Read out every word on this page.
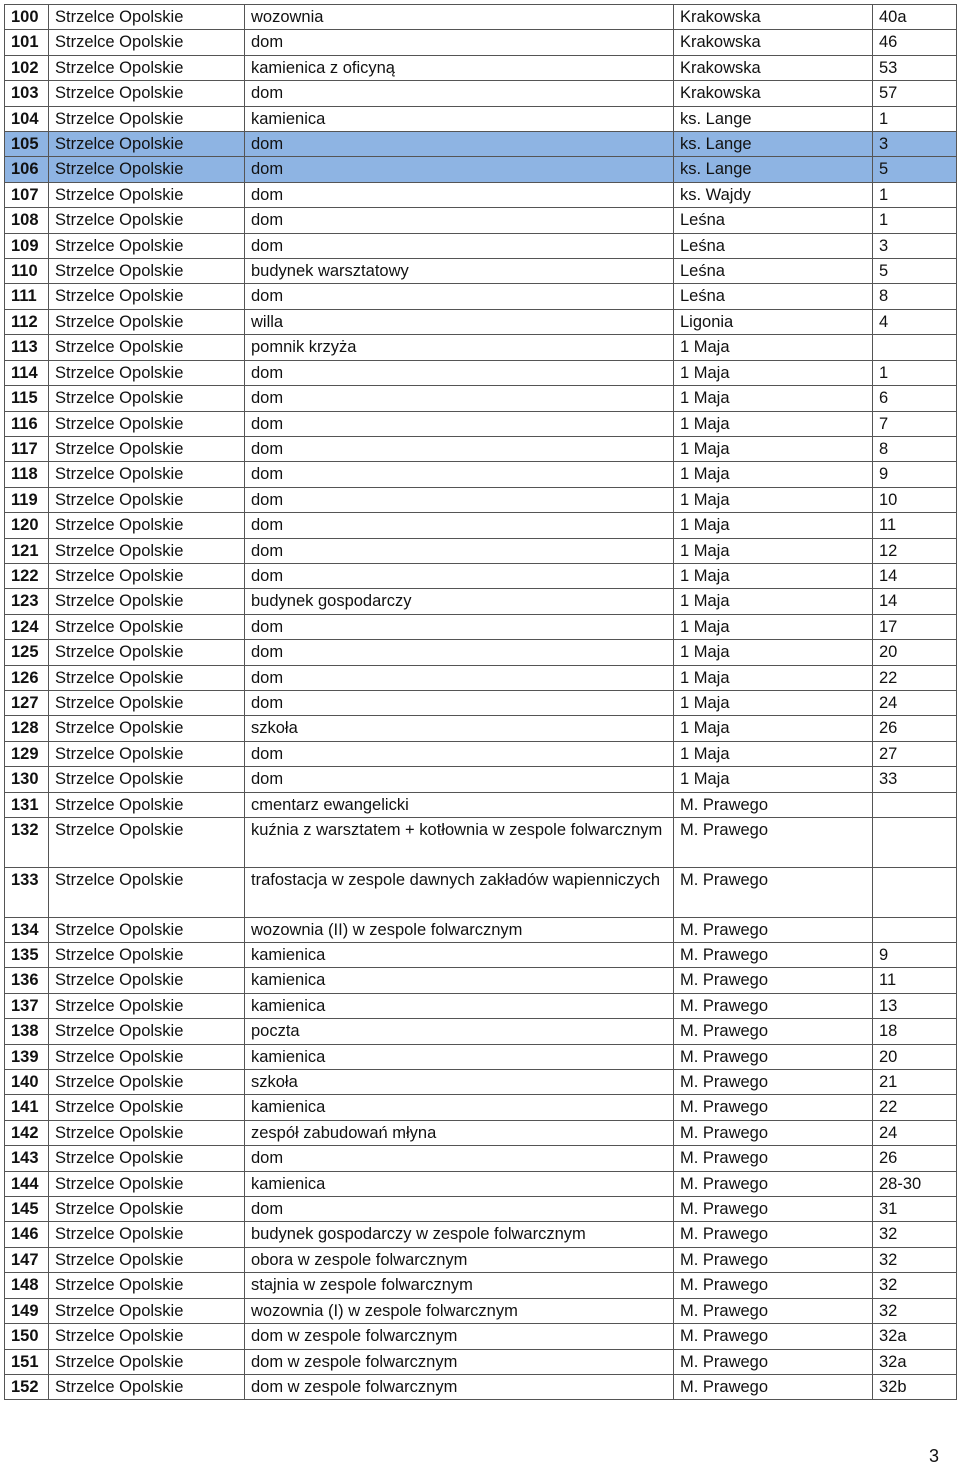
100	Strzelce Opolskie	wozownia	Krakowska	40a
101	Strzelce Opolskie	dom	Krakowska	46
102	Strzelce Opolskie	kamienica z oficyną	Krakowska	53
103	Strzelce Opolskie	dom	Krakowska	57
104	Strzelce Opolskie	kamienica	ks. Lange	1
105	Strzelce Opolskie	dom	ks. Lange	3
106	Strzelce Opolskie	dom	ks. Lange	5
107	Strzelce Opolskie	dom	ks. Wajdy	1
108	Strzelce Opolskie	dom	Leśna	1
109	Strzelce Opolskie	dom	Leśna	3
110	Strzelce Opolskie	budynek warsztatowy	Leśna	5
111	Strzelce Opolskie	dom	Leśna	8
112	Strzelce Opolskie	willa	Ligonia	4
113	Strzelce Opolskie	pomnik krzyża	1 Maja	
114	Strzelce Opolskie	dom	1 Maja	1
115	Strzelce Opolskie	dom	1 Maja	6
116	Strzelce Opolskie	dom	1 Maja	7
117	Strzelce Opolskie	dom	1 Maja	8
118	Strzelce Opolskie	dom	1 Maja	9
119	Strzelce Opolskie	dom	1 Maja	10
120	Strzelce Opolskie	dom	1 Maja	11
121	Strzelce Opolskie	dom	1 Maja	12
122	Strzelce Opolskie	dom	1 Maja	14
123	Strzelce Opolskie	budynek gospodarczy	1 Maja	14
124	Strzelce Opolskie	dom	1 Maja	17
125	Strzelce Opolskie	dom	1 Maja	20
126	Strzelce Opolskie	dom	1 Maja	22
127	Strzelce Opolskie	dom	1 Maja	24
128	Strzelce Opolskie	szkoła	1 Maja	26
129	Strzelce Opolskie	dom	1 Maja	27
130	Strzelce Opolskie	dom	1 Maja	33
131	Strzelce Opolskie	cmentarz ewangelicki	M. Prawego	
132	Strzelce Opolskie	kuźnia z warsztatem + kotłownia w zespole folwarcznym	M. Prawego	
133	Strzelce Opolskie	trafostacja w zespole dawnych zakładów wapienniczych	M. Prawego	
134	Strzelce Opolskie	wozownia (II) w zespole folwarcznym	M. Prawego	
135	Strzelce Opolskie	kamienica	M. Prawego	9
136	Strzelce Opolskie	kamienica	M. Prawego	11
137	Strzelce Opolskie	kamienica	M. Prawego	13
138	Strzelce Opolskie	poczta	M. Prawego	18
139	Strzelce Opolskie	kamienica	M. Prawego	20
140	Strzelce Opolskie	szkoła	M. Prawego	21
141	Strzelce Opolskie	kamienica	M. Prawego	22
142	Strzelce Opolskie	zespół zabudowań młyna	M. Prawego	24
143	Strzelce Opolskie	dom	M. Prawego	26
144	Strzelce Opolskie	kamienica	M. Prawego	28-30
145	Strzelce Opolskie	dom	M. Prawego	31
146	Strzelce Opolskie	budynek gospodarczy w zespole folwarcznym	M. Prawego	32
147	Strzelce Opolskie	obora w zespole folwarcznym	M. Prawego	32
148	Strzelce Opolskie	stajnia w zespole folwarcznym	M. Prawego	32
149	Strzelce Opolskie	wozownia (I) w zespole folwarcznym	M. Prawego	32
150	Strzelce Opolskie	dom w zespole folwarcznym	M. Prawego	32a
151	Strzelce Opolskie	dom w zespole folwarcznym	M. Prawego	32a
152	Strzelce Opolskie	dom w zespole folwarcznym	M. Prawego	32b
3
